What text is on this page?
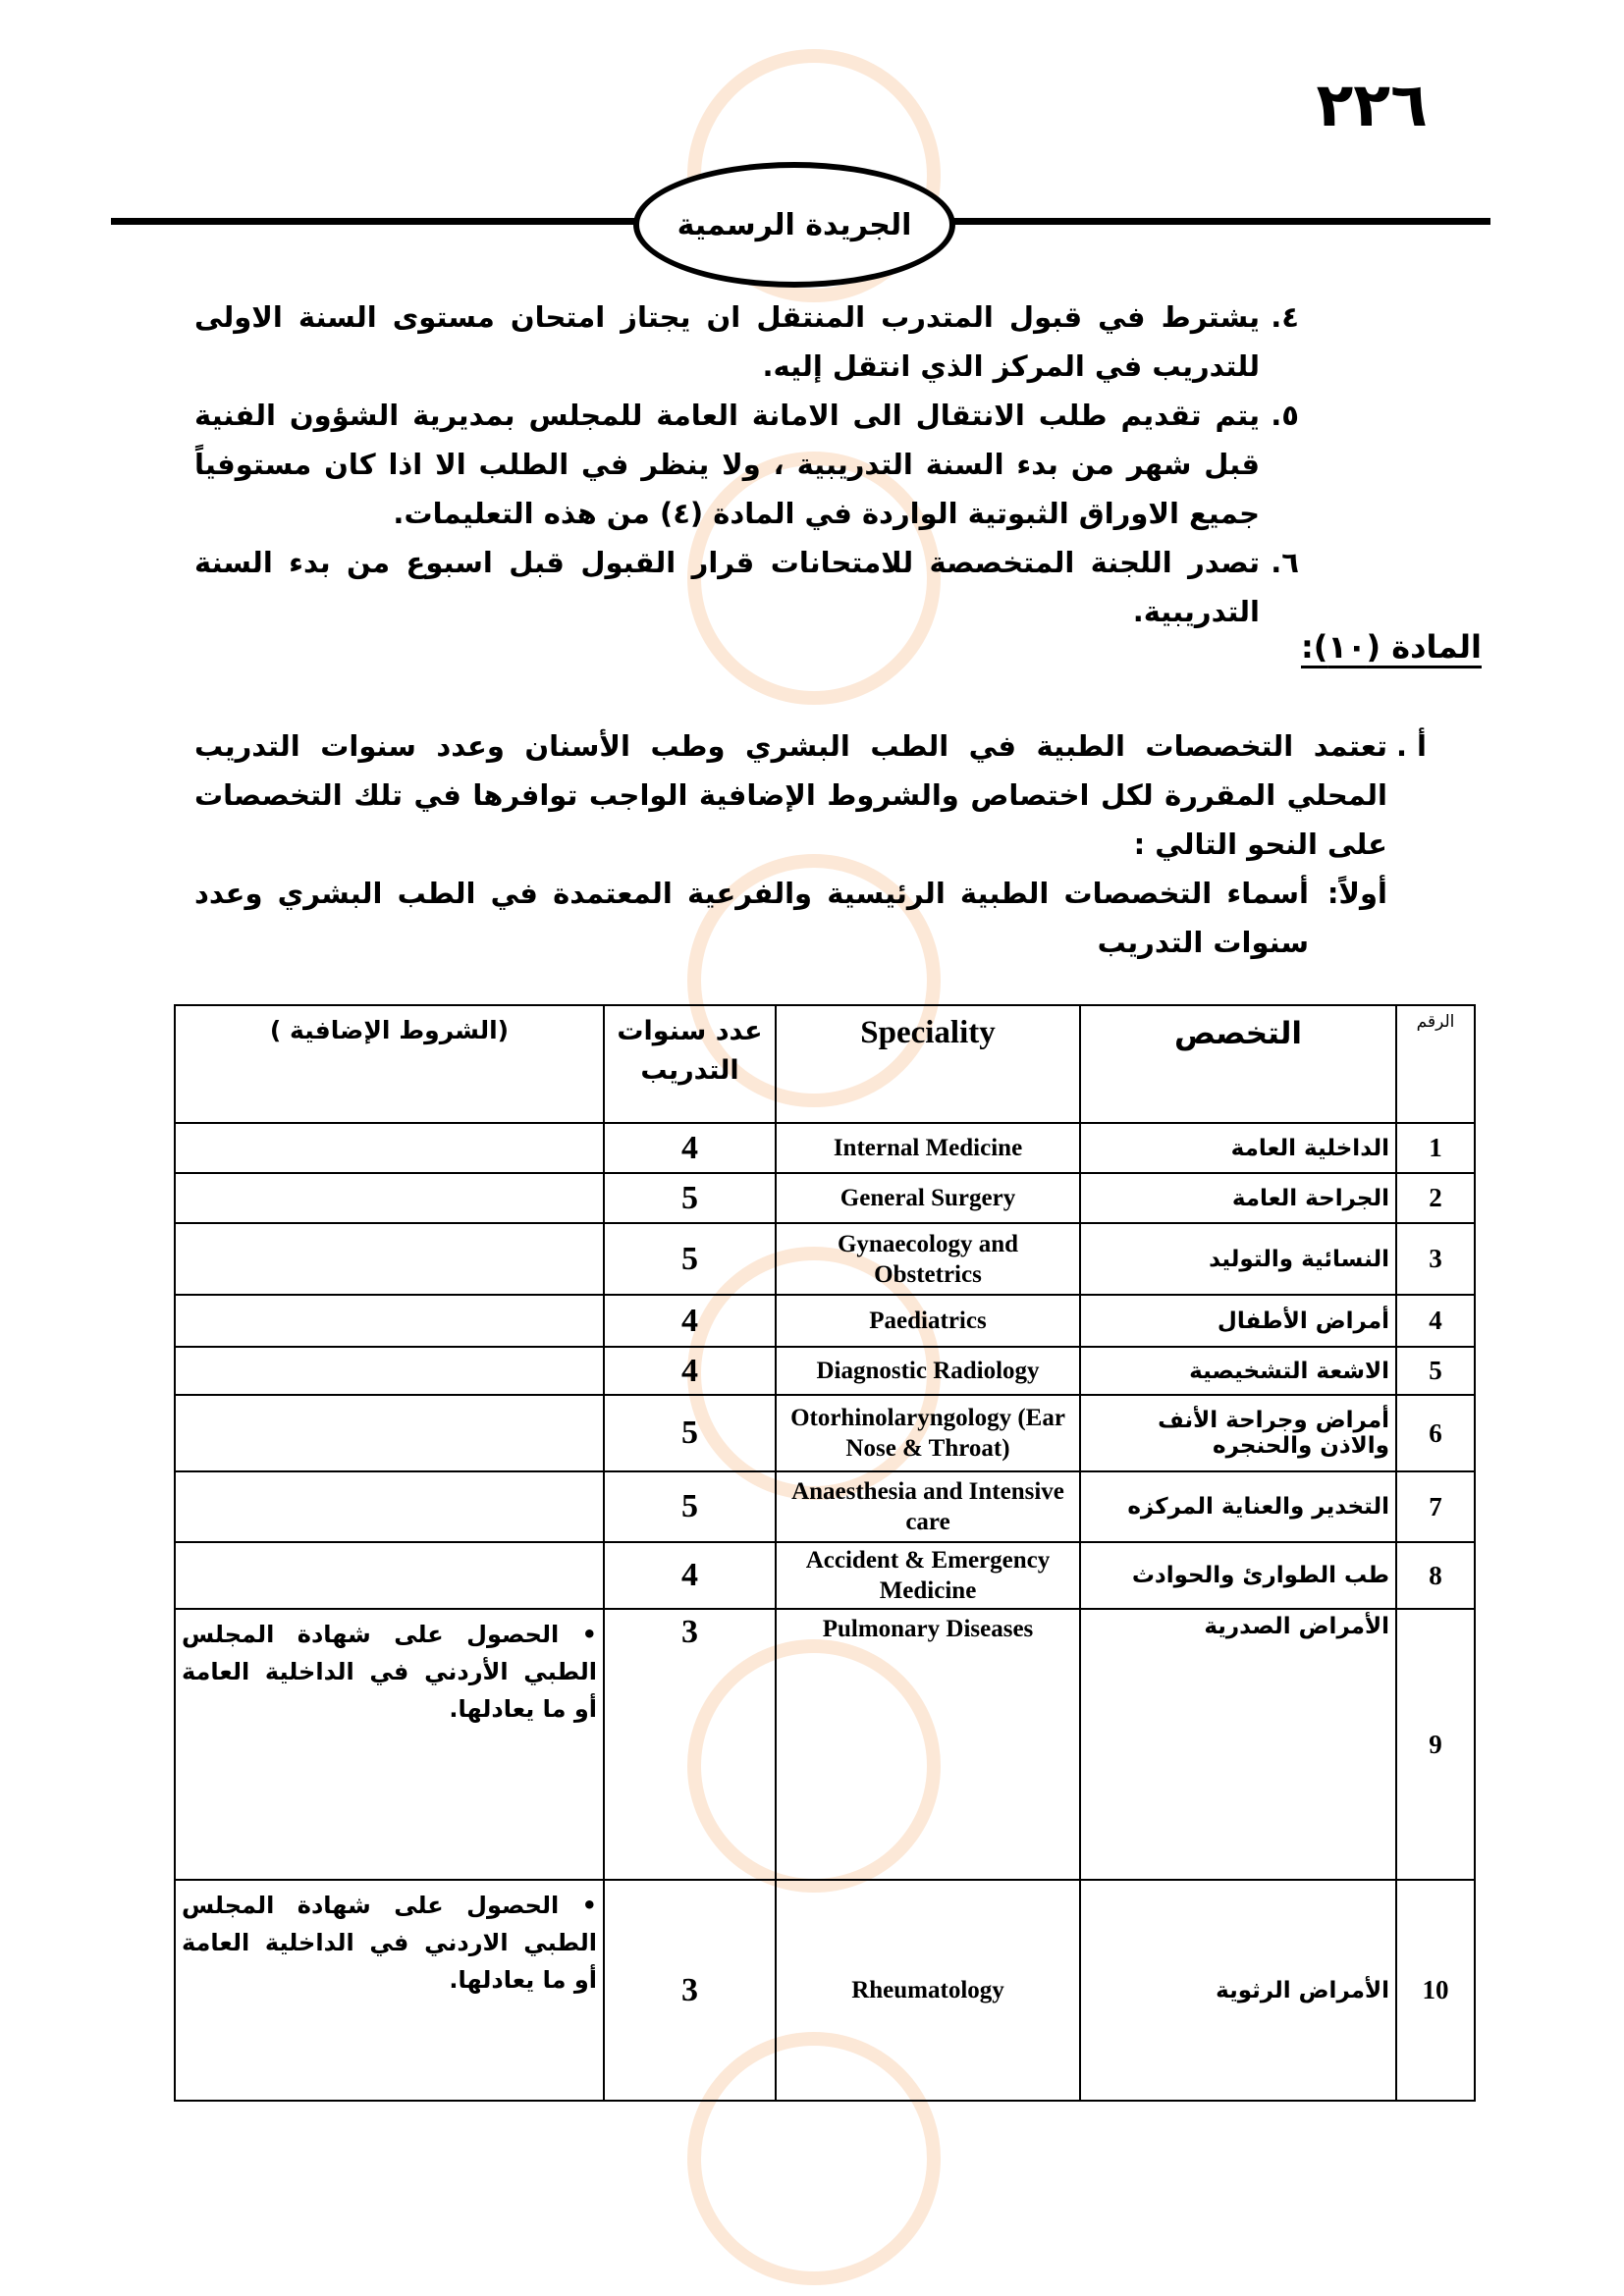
٢٢٦
الجريدة الرسمية
٤.
يشترط في قبول المتدرب المنتقل ان يجتاز امتحان مستوى السنة الاولى للتدريب في المركز الذي انتقل إليه.
٥.
يتم تقديم طلب الانتقال الى الامانة العامة للمجلس بمديرية الشؤون الفنية قبل شهر من بدء السنة التدريبية ، ولا ينظر في الطلب الا اذا كان مستوفياً جميع الاوراق الثبوتية الواردة في المادة (٤) من هذه التعليمات.
٦.
تصدر اللجنة المتخصصة للامتحانات قرار القبول قبل اسبوع من بدء السنة التدريبية.
المادة (١٠):
أ .
تعتمد التخصصات الطبية في الطب البشري وطب الأسنان وعدد سنوات التدريب المحلي المقررة لكل اختصاص والشروط الإضافية الواجب توافرها في تلك التخصصات على النحو التالي :
أولاً:
أسماء التخصصات الطبية الرئيسية والفرعية المعتمدة في الطب البشري وعدد سنوات التدريب
الرقم	التخصص	Speciality	عدد سنوات التدريب	(الشروط الإضافية )
1	الداخلية العامة	Internal Medicine	4	
2	الجراحة العامة	General Surgery	5	
3	النسائية والتوليد	Gynaecology and Obstetrics	5	
4	أمراض الأطفال	Paediatrics	4	
5	الاشعة التشخيصية	Diagnostic Radiology	4	
6	أمراض وجراحة الأنف والاذن والحنجره	Otorhinolaryngology (Ear Nose & Throat)	5	
7	التخدير والعناية المركزه	Anaesthesia and Intensive care	5	
8	طب الطوارئ والحوادث	Accident & Emergency Medicine	4	
9	الأمراض الصدرية	Pulmonary Diseases	3	• الحصول على شهادة المجلس الطبي الأردني في الداخلية العامة أو ما يعادلها.
10	الأمراض الرثوية	Rheumatology	3	• الحصول على شهادة المجلس الطبي الاردني في الداخلية العامة أو ما يعادلها.
